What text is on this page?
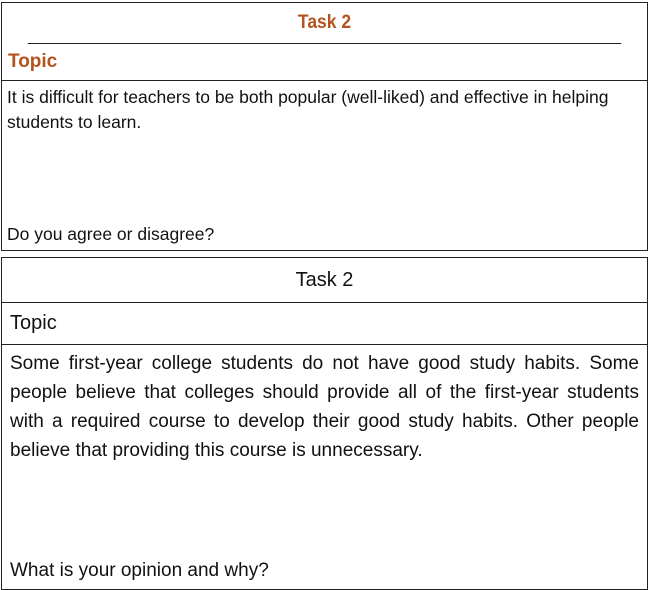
Task 2
Topic
It is difficult for teachers to be both popular (well-liked) and effective in helping students to learn.
Do you agree or disagree?
Task 2
Topic
Some first-year college students do not have good study habits. Some people believe that colleges should provide all of the first-year students with a required course to develop their good study habits. Other people believe that providing this course is unnecessary.
What is your opinion and why?
